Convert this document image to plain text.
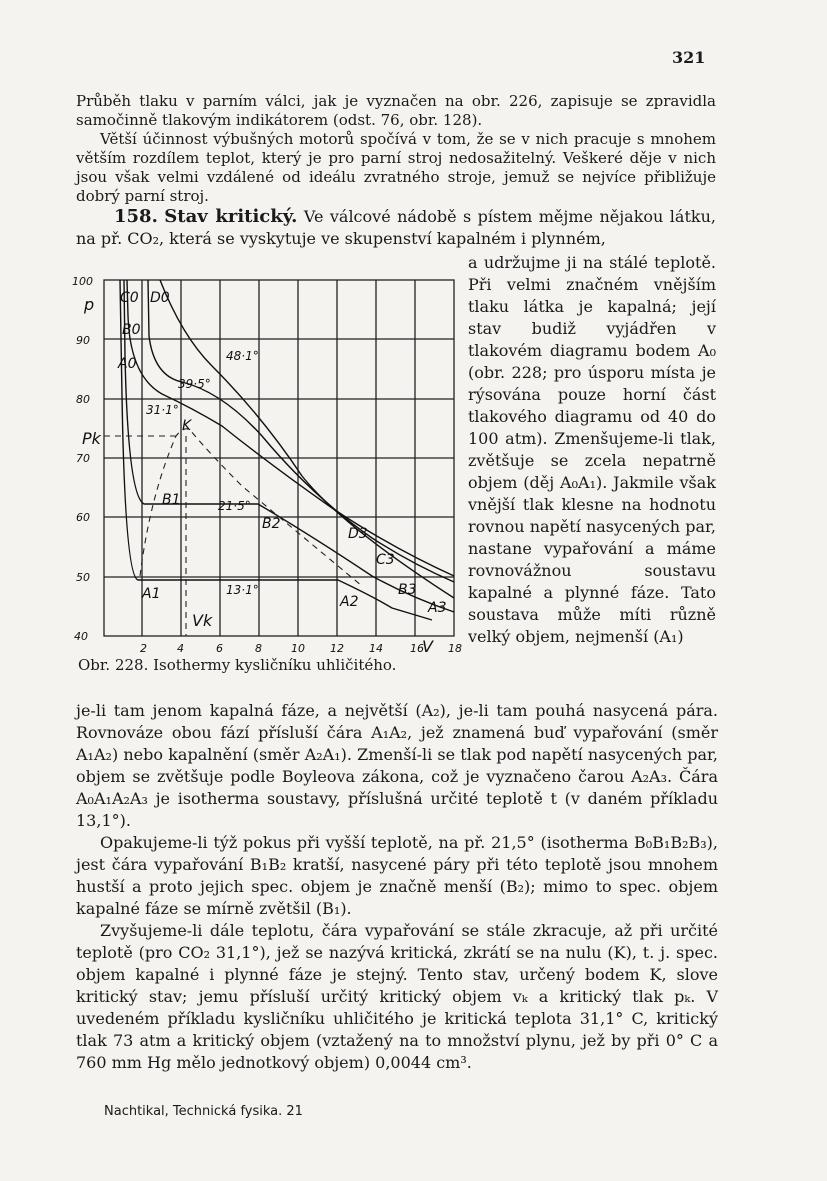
321

Průběh tlaku v parním válci, jak je vyznačen na obr. 226, zapisuje se zpravidla samočinně tlakovým indikátorem (odst. 76, obr. 128).

Větší účinnost výbušných motorů spočívá v tom, že se v nich pracuje s mnohem větším rozdílem teplot, který je pro parní stroj nedosažitelný. Veškeré děje v nich jsou však velmi vzdálené od ideálu zvratného stroje, jemuž se nejvíce přibližuje dobrý parní stroj.

158. Stav kritický. Ve válcové nádobě s pístem mějme nějakou látku, na př. CO₂, která se vyskytuje ve skupenství kapalném i plynném,
a udržujme ji na stálé teplotě. Při velmi značném vnějším tlaku látka je kapalná; její stav budiž vyjádřen v tlakovém diagramu bodem A₀ (obr. 228; pro úsporu místa je rýsována pouze horní část tlakového diagramu od 40 do 100 atm). Zmenšujeme-li tlak, zvětšuje se zcela nepatrně objem (děj A₀A₁). Jakmile však vnější tlak klesne na hodnotu rovnou napětí nasycených par, nastane vypařování a máme rovnovážnou soustavu kapalné a plynné fáze. Tato soustava může míti různě velký objem, nejmenší (A₁)
100
90
80
70
60
50
40
2	4	6	8	10 12 14 16 18
p
V
Pk
Vk
C0 D0
B0
A0
K
B1
B2
D3
C3
A1	A2
B3
A3
48·1°
39·5°
31·1°
21·5°
13·1°
Obr. 228. Isothermy kysličníku uhličitého.

je-li tam jenom kapalná fáze, a největší (A₂), je-li tam pouhá nasycená pára. Rovnováze obou fází přísluší čára A₁A₂, jež znamená buď vypařování (směr A₁A₂) nebo kapalnění (směr A₂A₁). Zmenší-li se tlak pod napětí nasycených par, objem se zvětšuje podle Boyleova zákona, což je vyznačeno čarou A₂A₃. Čára A₀A₁A₂A₃ je isotherma soustavy, příslušná určité teplotě t (v daném příkladu 13,1°).

Opakujeme-li týž pokus při vyšší teplotě, na př. 21,5° (isotherma B₀B₁B₂B₃), jest čára vypařování B₁B₂ kratší, nasycené páry při této teplotě jsou mnohem hustší a proto jejich spec. objem je značně menší (B₂); mimo to spec. objem kapalné fáze se mírně zvětšil (B₁).

Zvyšujeme-li dále teplotu, čára vypařování se stále zkracuje, až při určité teplotě (pro CO₂ 31,1°), jež se nazývá kritická, zkrátí se na nulu (K), t. j. spec. objem kapalné i plynné fáze je stejný. Tento stav, určený bodem K, slove kritický stav; jemu přísluší určitý kritický objem vₖ a kritický tlak pₖ. V uvedeném příkladu kysličníku uhličitého je kritická teplota 31,1° C, kritický tlak 73 atm a kritický objem (vztažený na to množství plynu, jež by při 0° C a 760 mm Hg mělo jednotkový objem) 0,0044 cm³.

Nachtikal, Technická fysika. 21
